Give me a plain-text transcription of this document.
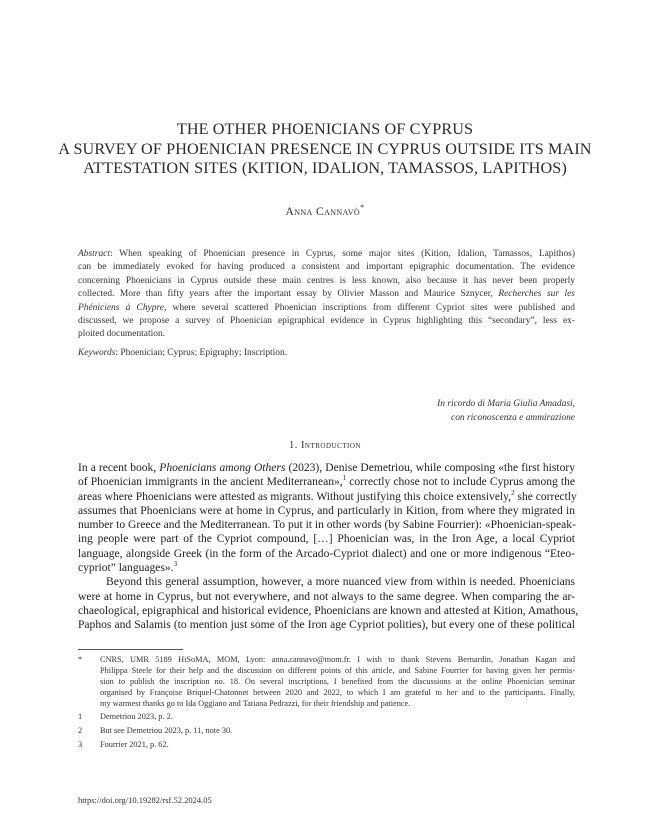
THE OTHER PHOENICIANS OF CYPRUS
A SURVEY OF PHOENICIAN PRESENCE IN CYPRUS OUTSIDE ITS MAIN
ATTESTATION SITES (KITION, IDALION, TAMASSOS, LAPITHOS)
Anna Cannavò*
Abstract: When speaking of Phoenician presence in Cyprus, some major sites (Kition, Idalion, Tamassos, Lapithos)
can be immediately evoked for having produced a consistent and important epigraphic documentation. The evidence
concerning Phoenicians in Cyprus outside these main centres is less known, also because it has never been properly
collected. More than fifty years after the important essay by Olivier Masson and Maurice Sznycer, Recherches sur les
Phéniciens à Chypre, where several scattered Phoenician inscriptions from different Cypriot sites were published and
discussed, we propose a survey of Phoenician epigraphical evidence in Cyprus highlighting this “secondary”, less ex-
ploited documentation.
Keywords: Phoenician; Cyprus; Epigraphy; Inscription.
In ricordo di Maria Giulia Amadasi,
con riconoscenza e ammirazione
1. Introduction
In a recent book, Phoenicians among Others (2023), Denise Demetriou, while composing «the first history
of Phoenician immigrants in the ancient Mediterranean»,$^1$ correctly chose not to include Cyprus among the
areas where Phoenicians were attested as migrants. Without justifying this choice extensively,$^2$ she correctly
assumes that Phoenicians were at home in Cyprus, and particularly in Kition, from where they migrated in
number to Greece and the Mediterranean. To put it in other words (by Sabine Fourrier): «Phoenician-speak-
ing people were part of the Cypriot compound, […] Phoenician was, in the Iron Age, a local Cypriot
language, alongside Greek (in the form of the Arcado-Cypriot dialect) and one or more indigenous “Eteo-
cypriot” languages».$^3$
Beyond this general assumption, however, a more nuanced view from within is needed. Phoenicians
were at home in Cyprus, but not everywhere, and not always to the same degree. When comparing the ar-
chaeological, epigraphical and historical evidence, Phoenicians are known and attested at Kition, Amathous,
Paphos and Salamis (to mention just some of the Iron age Cypriot polities), but every one of these political
* CNRS, UMR 5189 HiSoMA, MOM, Lyon: anna.cannavo@mom.fr. I wish to thank Stevens Bernardin, Jonathan Kagan and
Philippa Steele for their help and the discussion on different points of this article, and Sabine Fourrier for having given her permis-
sion to publish the inscription no. 18. On several inscriptions, I benefited from the discussions at the online Phoenician seminar
organised by Françoise Briquel-Chatonnet between 2020 and 2022, to which I am grateful to her and to the participants. Finally,
my warmest thanks go to Ida Oggiano and Tatiana Pedrazzi, for their friendship and patience.
1 Demetriou 2023, p. 2.
2 But see Demetriou 2023, p. 11, note 30.
3 Fourrier 2021, p. 62.
https://doi.org/10.19282/rsf.52.2024.05
